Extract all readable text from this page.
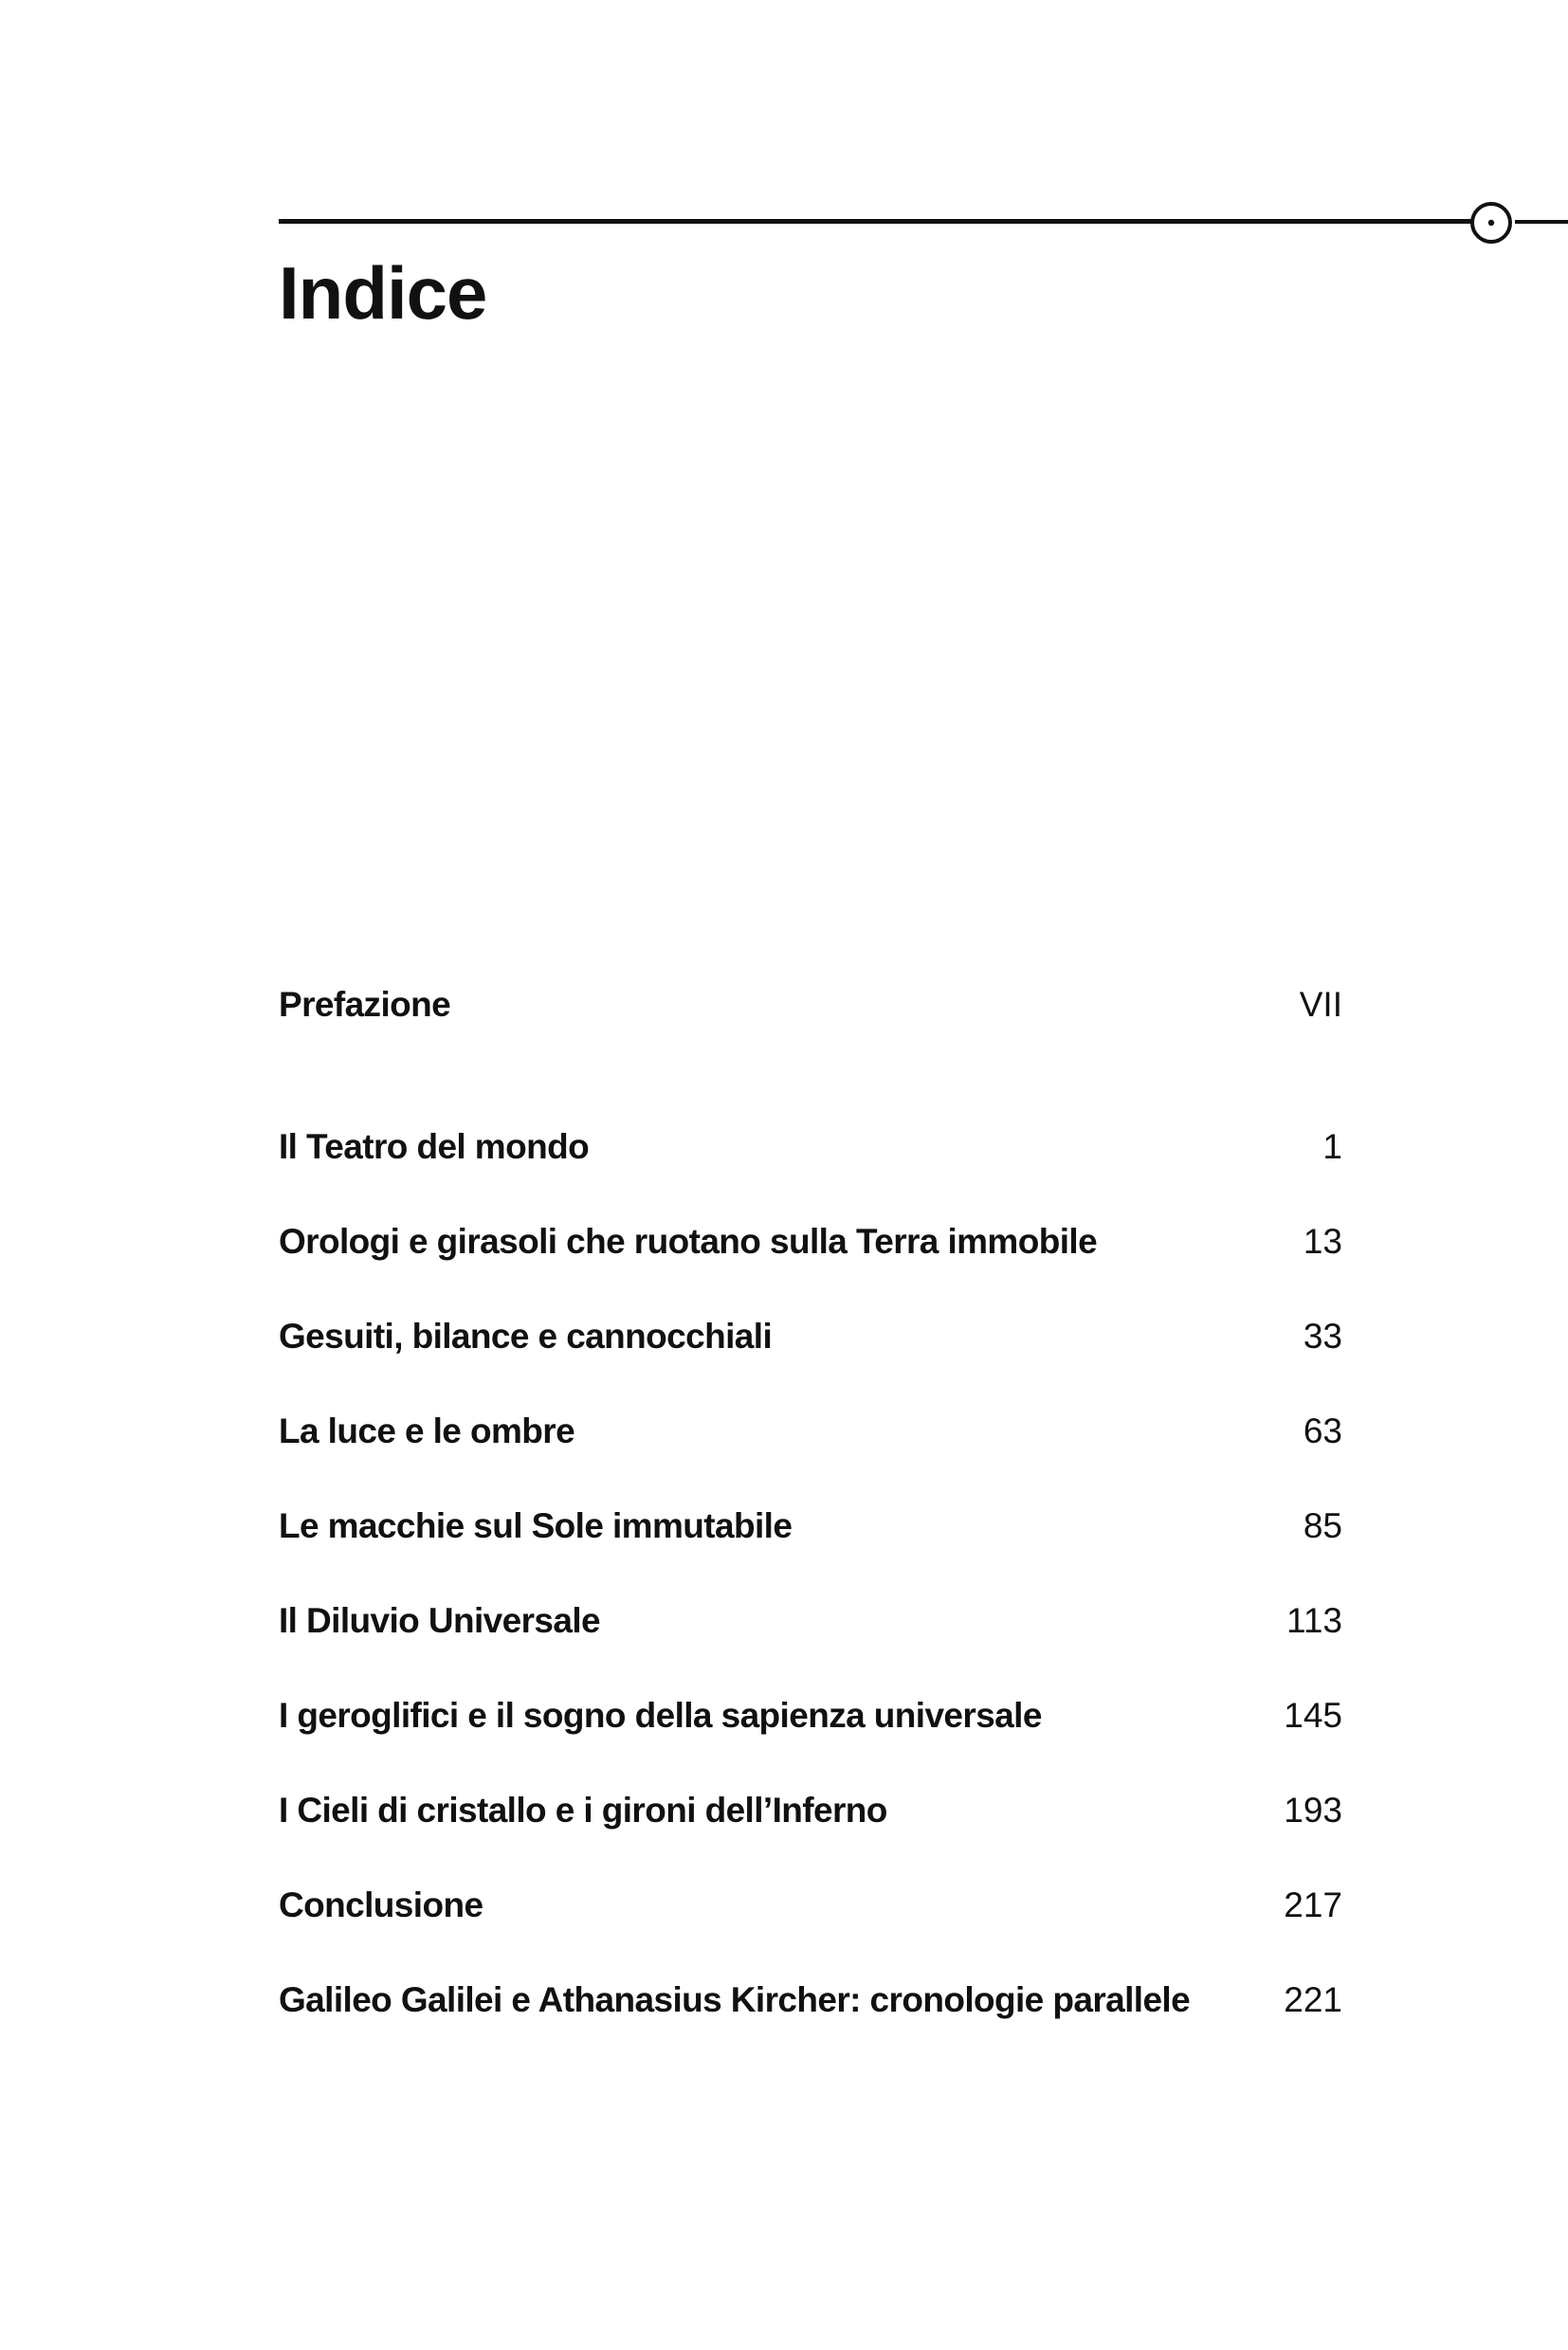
Indice
Prefazione	VII
Il Teatro del mondo	1
Orologi e girasoli che ruotano sulla Terra immobile	13
Gesuiti, bilance e cannocchiali	33
La luce e le ombre	63
Le macchie sul Sole immutabile	85
Il Diluvio Universale	113
I geroglifici e il sogno della sapienza universale	145
I Cieli di cristallo e i gironi dell’Inferno	193
Conclusione	217
Galileo Galilei e Athanasius Kircher: cronologie parallele	221
